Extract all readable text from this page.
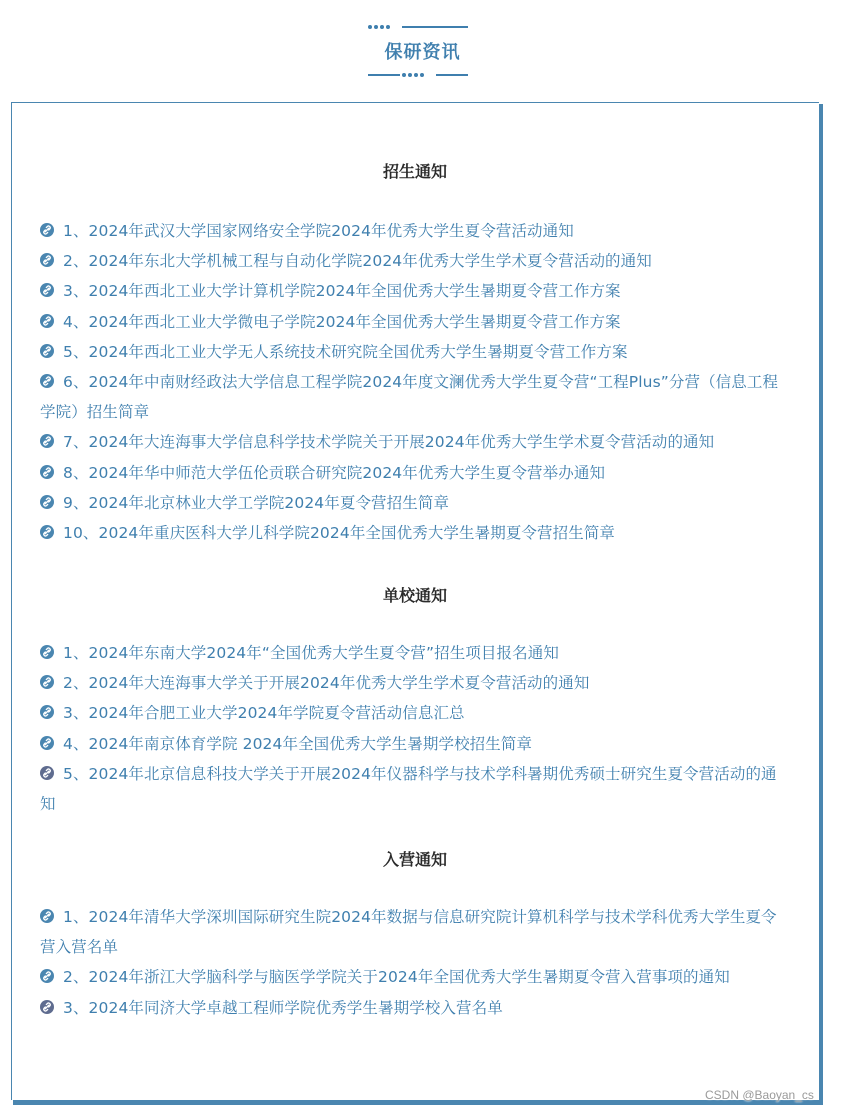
保研资讯
招生通知
1、2024年武汉大学国家网络安全学院2024年优秀大学生夏令营活动通知
2、2024年东北大学机械工程与自动化学院2024年优秀大学生学术夏令营活动的通知
3、2024年西北工业大学计算机学院2024年全国优秀大学生暑期夏令营工作方案
4、2024年西北工业大学微电子学院2024年全国优秀大学生暑期夏令营工作方案
5、2024年西北工业大学无人系统技术研究院全国优秀大学生暑期夏令营工作方案
6、2024年中南财经政法大学信息工程学院2024年度文澜优秀大学生夏令营“工程Plus”分营（信息工程学院）招生简章
7、2024年大连海事大学信息科学技术学院关于开展2024年优秀大学生学术夏令营活动的通知
8、2024年华中师范大学伍伦贡联合研究院2024年优秀大学生夏令营举办通知
9、2024年北京林业大学工学院2024年夏令营招生简章
10、2024年重庆医科大学儿科学院2024年全国优秀大学生暑期夏令营招生简章
单校通知
1、2024年东南大学2024年“全国优秀大学生夏令营”招生项目报名通知
2、2024年大连海事大学关于开展2024年优秀大学生学术夏令营活动的通知
3、2024年合肥工业大学2024年学院夏令营活动信息汇总
4、2024年南京体育学院 2024年全国优秀大学生暑期学校招生简章
5、2024年北京信息科技大学关于开展2024年仪器科学与技术学科暑期优秀硕士研究生夏令营活动的通知
入营通知
1、2024年清华大学深圳国际研究生院2024年数据与信息研究院计算机科学与技术学科优秀大学生夏令营入营名单
2、2024年浙江大学脑科学与脑医学学院关于2024年全国优秀大学生暑期夏令营入营事项的通知
3、2024年同济大学卓越工程师学院优秀学生暑期学校入营名单
CSDN @Baoyan_cs
